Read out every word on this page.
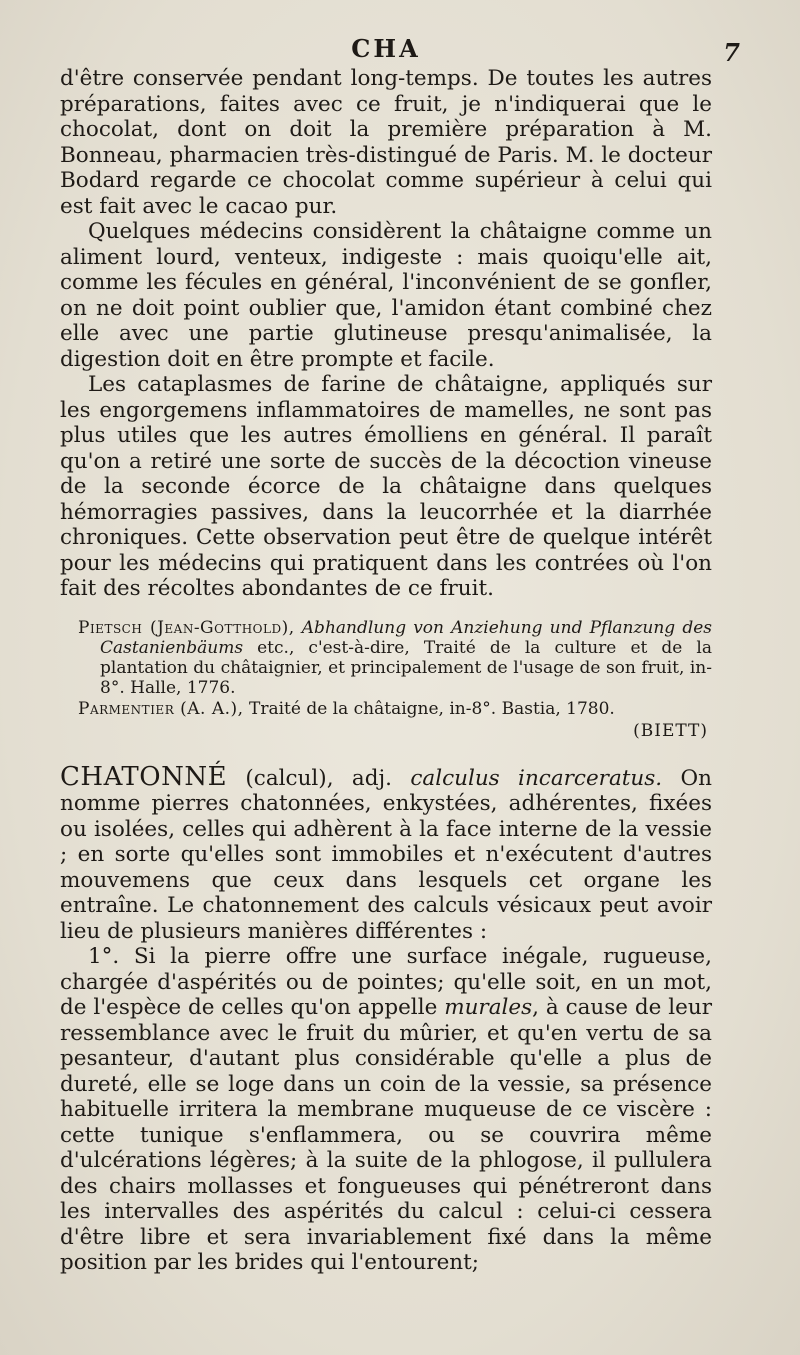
CHA	7

d'être conservée pendant long-temps. De toutes les autres préparations, faites avec ce fruit, je n'indiquerai que le chocolat, dont on doit la première préparation à M. Bonneau, pharmacien très-distingué de Paris. M. le docteur Bodard regarde ce chocolat comme supérieur à celui qui est fait avec le cacao pur.

Quelques médecins considèrent la châtaigne comme un aliment lourd, venteux, indigeste : mais quoiqu'elle ait, comme les fécules en général, l'inconvénient de se gonfler, on ne doit point oublier que, l'amidon étant combiné chez elle avec une partie glutineuse presqu'animalisée, la digestion doit en être prompte et facile.

Les cataplasmes de farine de châtaigne, appliqués sur les engorgemens inflammatoires de mamelles, ne sont pas plus utiles que les autres émolliens en général. Il paraît qu'on a retiré une sorte de succès de la décoction vineuse de la seconde écorce de la châtaigne dans quelques hémorragies passives, dans la leucorrhée et la diarrhée chroniques. Cette observation peut être de quelque intérêt pour les médecins qui pratiquent dans les contrées où l'on fait des récoltes abondantes de ce fruit.

Pietsch (Jean-Gotthold), Abhandlung von Anziehung und Pflanzung des Castanienbäums etc., c'est-à-dire, Traité de la culture et de la plantation du châtaignier, et principalement de l'usage de son fruit, in-8°. Halle, 1776.

Parmentier (A. A.), Traité de la châtaigne, in-8°. Bastia, 1780.

(BIETT)

CHATONNÉ (calcul), adj. calculus incarceratus. On nomme pierres chatonnées, enkystées, adhérentes, fixées ou isolées, celles qui adhèrent à la face interne de la vessie ; en sorte qu'elles sont immobiles et n'exécutent d'autres mouvemens que ceux dans lesquels cet organe les entraîne. Le chatonnement des calculs vésicaux peut avoir lieu de plusieurs manières différentes :

1°. Si la pierre offre une surface inégale, rugueuse, chargée d'aspérités ou de pointes; qu'elle soit, en un mot, de l'espèce de celles qu'on appelle murales, à cause de leur ressemblance avec le fruit du mûrier, et qu'en vertu de sa pesanteur, d'autant plus considérable qu'elle a plus de dureté, elle se loge dans un coin de la vessie, sa présence habituelle irritera la membrane muqueuse de ce viscère : cette tunique s'enflammera, ou se couvrira même d'ulcérations légères; à la suite de la phlogose, il pullulera des chairs mollasses et fongueuses qui pénétreront dans les intervalles des aspérités du calcul : celui-ci cessera d'être libre et sera invariablement fixé dans la même position par les brides qui l'entourent;
